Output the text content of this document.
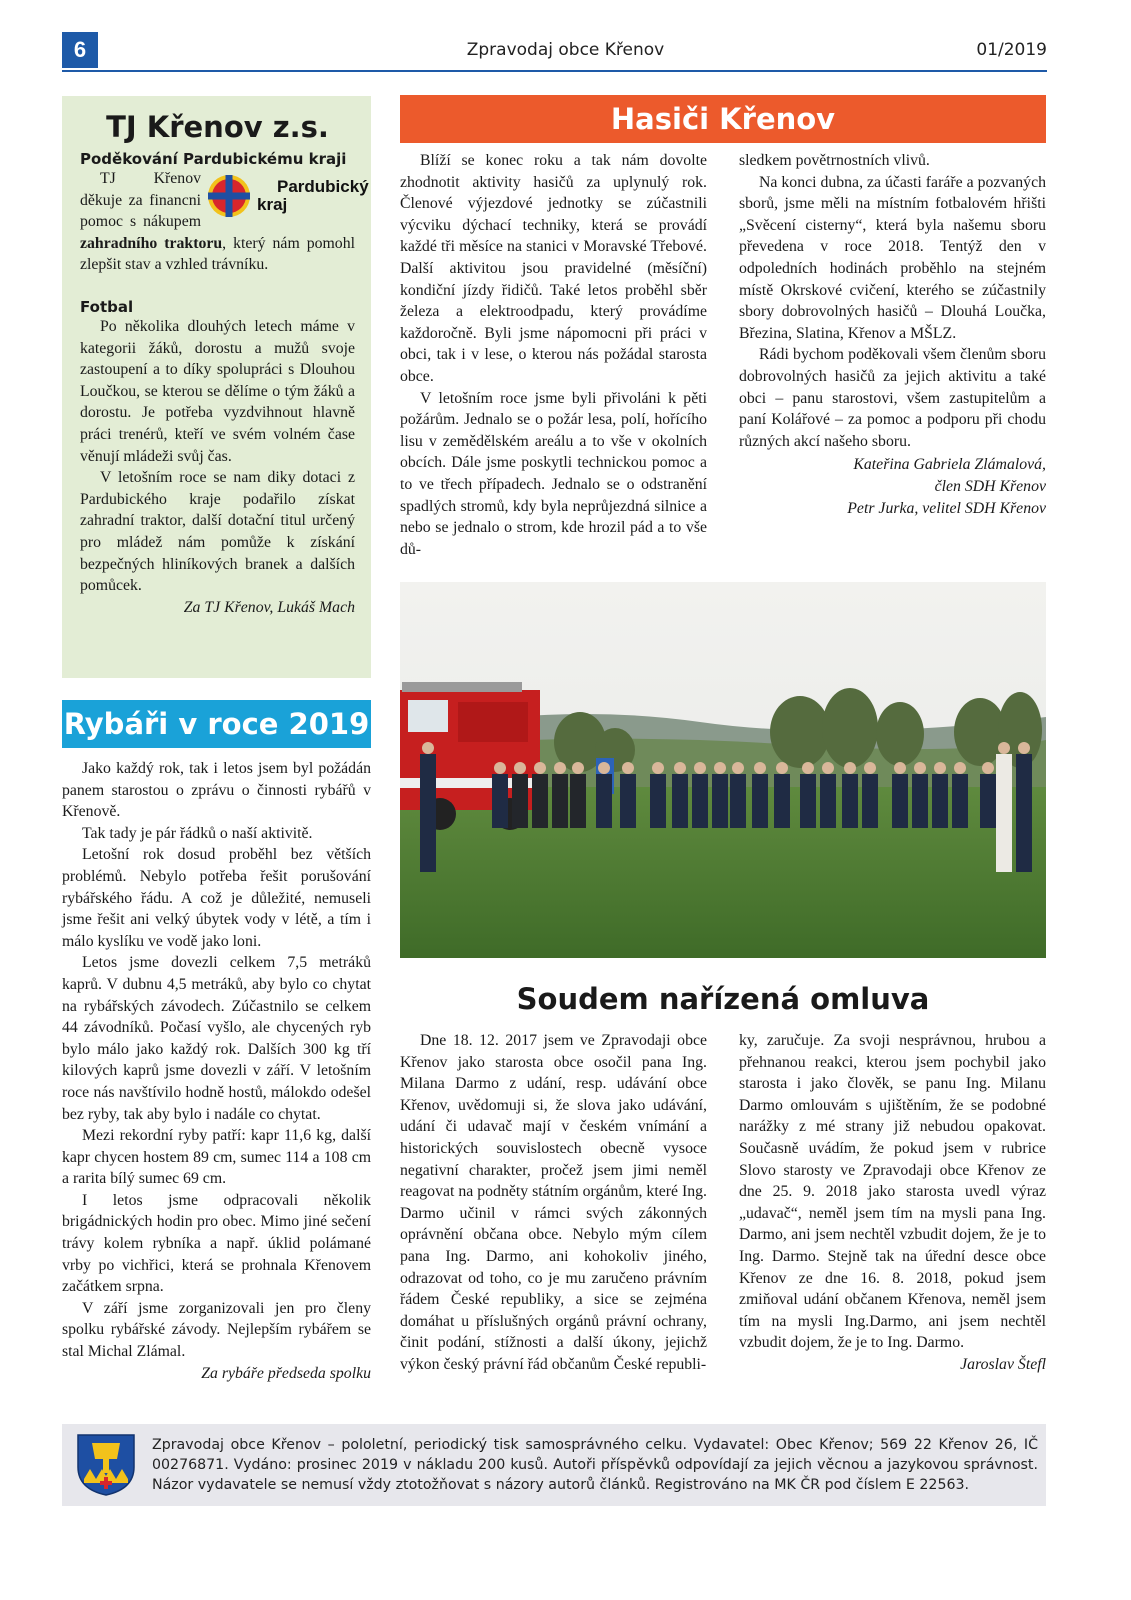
6	Zpravodaj obce Křenov	01/2019
TJ Křenov z.s.
Poděkování Pardubickému kraji

Pardubický
kraj
TJ Křenov děkuje za financni pomoc s nákupem zahradního traktoru, který nám pomohl zlepšit stav a vzhled trávníku.

Fotbal

Po několika dlouhých letech máme v kategorii žáků, dorostu a mužů svoje zastoupení a to díky spolupráci s Dlouhou Loučkou, se kterou se dělíme o tým žáků a dorostu. Je potřeba vyzdvihnout hlavně práci trenérů, kteří ve svém volném čase věnují mládeži svůj čas.

V letošním roce se nam diky dotaci z Pardubického kraje podařilo získat zahradní traktor, další dotační titul určený pro mládež nám pomůže k získání bezpečných hliníkových branek a dalších pomůcek.

Za TJ Křenov, Lukáš Mach
Rybáři v roce 2019

Jako každý rok, tak i letos jsem byl požádán panem starostou o zprávu o činnosti rybářů v Křenově.

Tak tady je pár řádků o naší aktivitě.

Letošní rok dosud proběhl bez větších problémů. Nebylo potřeba řešit porušování rybářského řádu. A což je důležité, nemuseli jsme řešit ani velký úbytek vody v létě, a tím i málo kyslíku ve vodě jako loni.

Letos jsme dovezli celkem 7,5 metráků kaprů. V dubnu 4,5 metráků, aby bylo co chytat na rybářských závodech. Zúčastnilo se celkem 44 závodníků. Počasí vyšlo, ale chycených ryb bylo málo jako každý rok. Dalších 300 kg tří kilových kaprů jsme dovezli v září. V letošním roce nás navštívilo hodně hostů, málokdo odešel bez ryby, tak aby bylo i nadále co chytat.

Mezi rekordní ryby patří: kapr 11,6 kg, další kapr chycen hostem 89 cm, sumec 114 a 108 cm a rarita bílý sumec 69 cm.

I letos jsme odpracovali několik brigádnických hodin pro obec. Mimo jiné sečení trávy kolem rybníka a např. úklid polámané vrby po vichřici, která se prohnala Křenovem začátkem srpna.

V září jsme zorganizovali jen pro členy spolku rybářské závody. Nejlepším rybářem se stal Michal Zlámal.

Za rybáře předseda spolku
Hasiči Křenov

Blíží se konec roku a tak nám dovolte zhodnotit aktivity hasičů za uplynulý rok. Členové výjezdové jednotky se zúčastnili výcviku dýchací techniky, která se provádí každé tři měsíce na stanici v Moravské Třebové. Další aktivitou jsou pravidelné (měsíční) kondiční jízdy řidičů. Také letos proběhl sběr železa a elektroodpadu, který provádíme každoročně. Byli jsme nápomocni při práci v obci, tak i v lese, o kterou nás požádal starosta obce.

V letošním roce jsme byli přivoláni k pěti požárům. Jednalo se o požár lesa, polí, hořícího lisu v zemědělském areálu a to vše v okolních obcích. Dále jsme poskytli technickou pomoc a to ve třech případech. Jednalo se o odstranění spadlých stromů, kdy byla neprůjezdná silnice a nebo se jednalo o strom, kde hrozil pád a to vše dů-

sledkem povětrnostních vlivů.

Na konci dubna, za účasti faráře a pozvaných sborů, jsme měli na místním fotbalovém hřišti „Svěcení cisterny“, která byla našemu sboru převedena v roce 2018. Tentýž den v odpoledních hodinách proběhlo na stejném místě Okrskové cvičení, kterého se zúčastnily sbory dobrovolných hasičů – Dlouhá Loučka, Březina, Slatina, Křenov a MŠLZ.

Rádi bychom poděkovali všem členům sboru dobrovolných hasičů za jejich aktivitu a také obci – panu starostovi, všem zastupitelům a paní Kolářové – za pomoc a podporu při chodu různých akcí našeho sboru.

Kateřina Gabriela Zlámalová,
člen SDH Křenov
Petr Jurka, velitel SDH Křenov
Soudem nařízená omluva

Dne 18. 12. 2017 jsem ve Zpravodaji obce Křenov jako starosta obce osočil pana Ing. Milana Darmo z udání, resp. udávání obce Křenov, uvědomuji si, že slova jako udávání, udání či udavač mají v českém vnímání a historických souvislostech obecně vysoce negativní charakter, pročež jsem jimi neměl reagovat na podněty státním orgánům, které Ing. Darmo učinil v rámci svých zákonných oprávnění občana obce. Nebylo mým cílem pana Ing. Darmo, ani kohokoliv jiného, odrazovat od toho, co je mu zaručeno právním řádem České republiky, a sice se zejména domáhat u příslušných orgánů právní ochrany, činit podání, stížnosti a další úkony, jejichž výkon český právní řád občanům České republi-

ky, zaručuje. Za svoji nesprávnou, hrubou a přehnanou reakci, kterou jsem pochybil jako starosta i jako člověk, se panu Ing. Milanu Darmo omlouvám s ujištěním, že se podobné narážky z mé strany již nebudou opakovat. Současně uvádím, že pokud jsem v rubrice Slovo starosty ve Zpravodaji obce Křenov ze dne 25. 9. 2018 jako starosta uvedl výraz „udavač“, neměl jsem tím na mysli pana Ing. Darmo, ani jsem nechtěl vzbudit dojem, že je to Ing. Darmo. Stejně tak na úřední desce obce Křenov ze dne 16. 8. 2018, pokud jsem zmiňoval udání občanem Křenova, neměl jsem tím na mysli Ing.Darmo, ani jsem nechtěl vzbudit dojem, že je to Ing. Darmo.

Jaroslav Štefl
Zpravodaj obce Křenov – pololetní, periodický tisk samosprávného celku. Vydavatel: Obec Křenov; 569 22 Křenov 26, IČ 00276871. Vydáno: prosinec 2019 v nákladu 200 kusů. Autoři příspěvků odpovídají za jejich věcnou a jazykovou správnost. Názor vydavatele se nemusí vždy ztotožňovat s názory autorů článků. Registrováno na MK ČR pod číslem E 22563.
